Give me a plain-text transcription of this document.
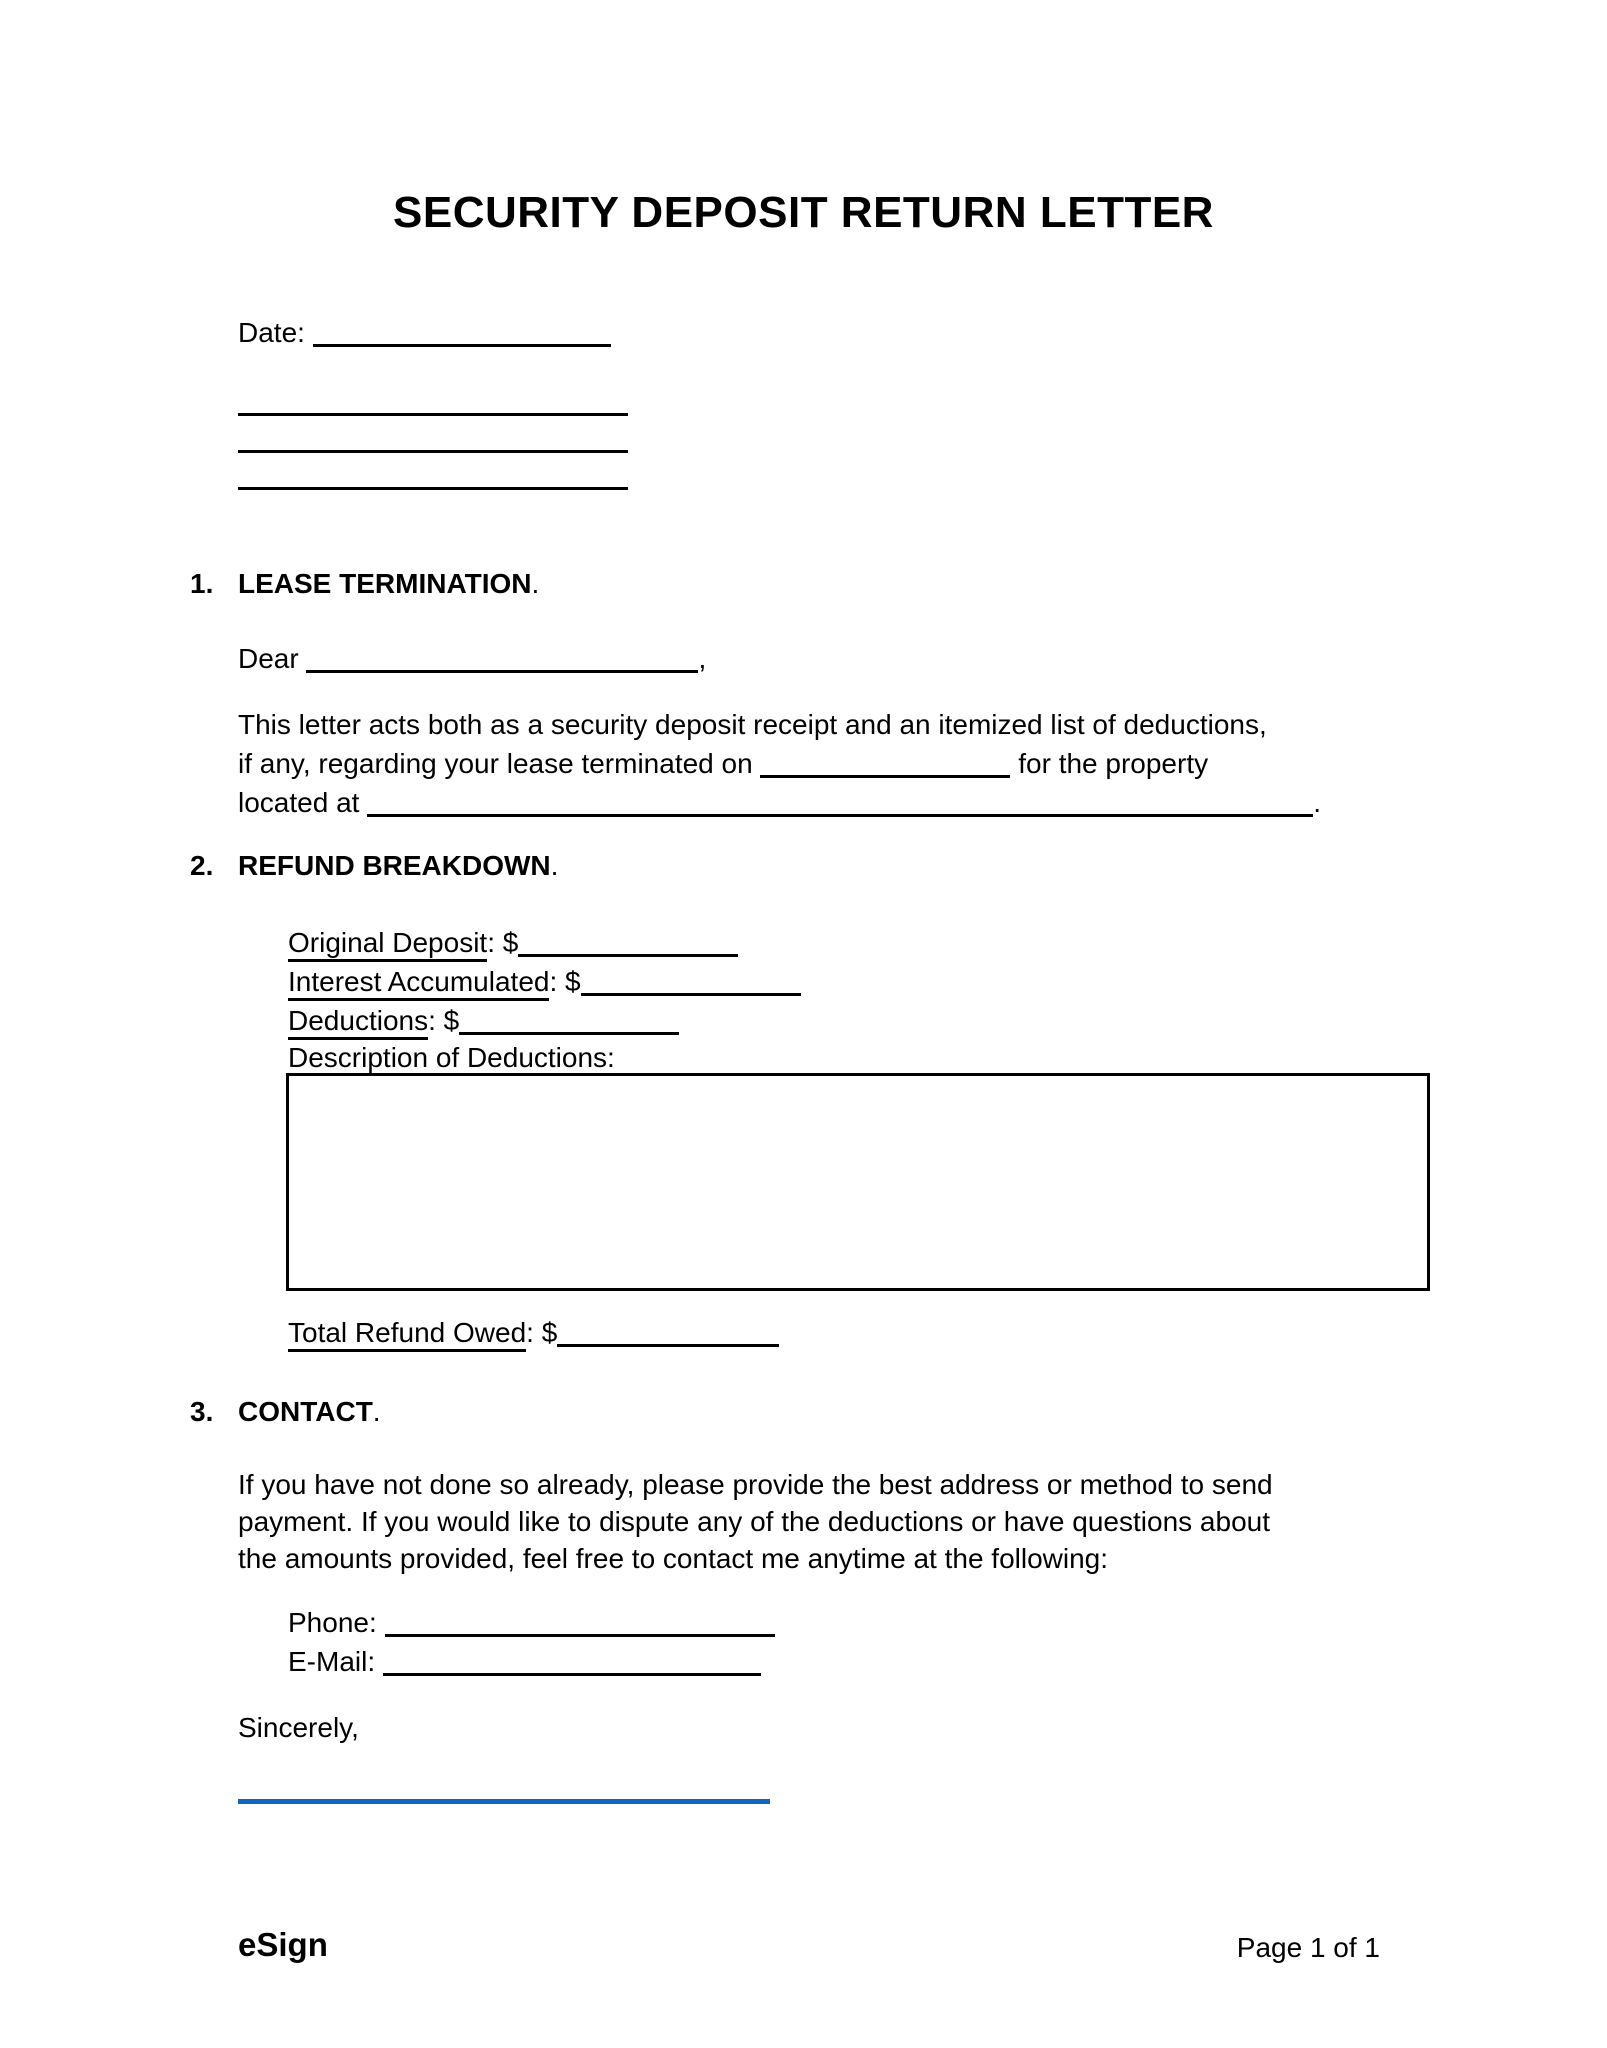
SECURITY DEPOSIT RETURN LETTER
Date:
1. LEASE TERMINATION.
Dear	,
This letter acts both as a security deposit receipt and an itemized list of deductions,
if any, regarding your lease terminated on	for the property
located at	.
2. REFUND BREAKDOWN.
Original Deposit: $
Interest Accumulated: $
Deductions: $
Description of Deductions:
Total Refund Owed: $
3. CONTACT.
If you have not done so already, please provide the best address or method to send
payment. If you would like to dispute any of the deductions or have questions about
the amounts provided, feel free to contact me anytime at the following:
Phone:
E-Mail:
Sincerely,
eSign	Page 1 of 1
